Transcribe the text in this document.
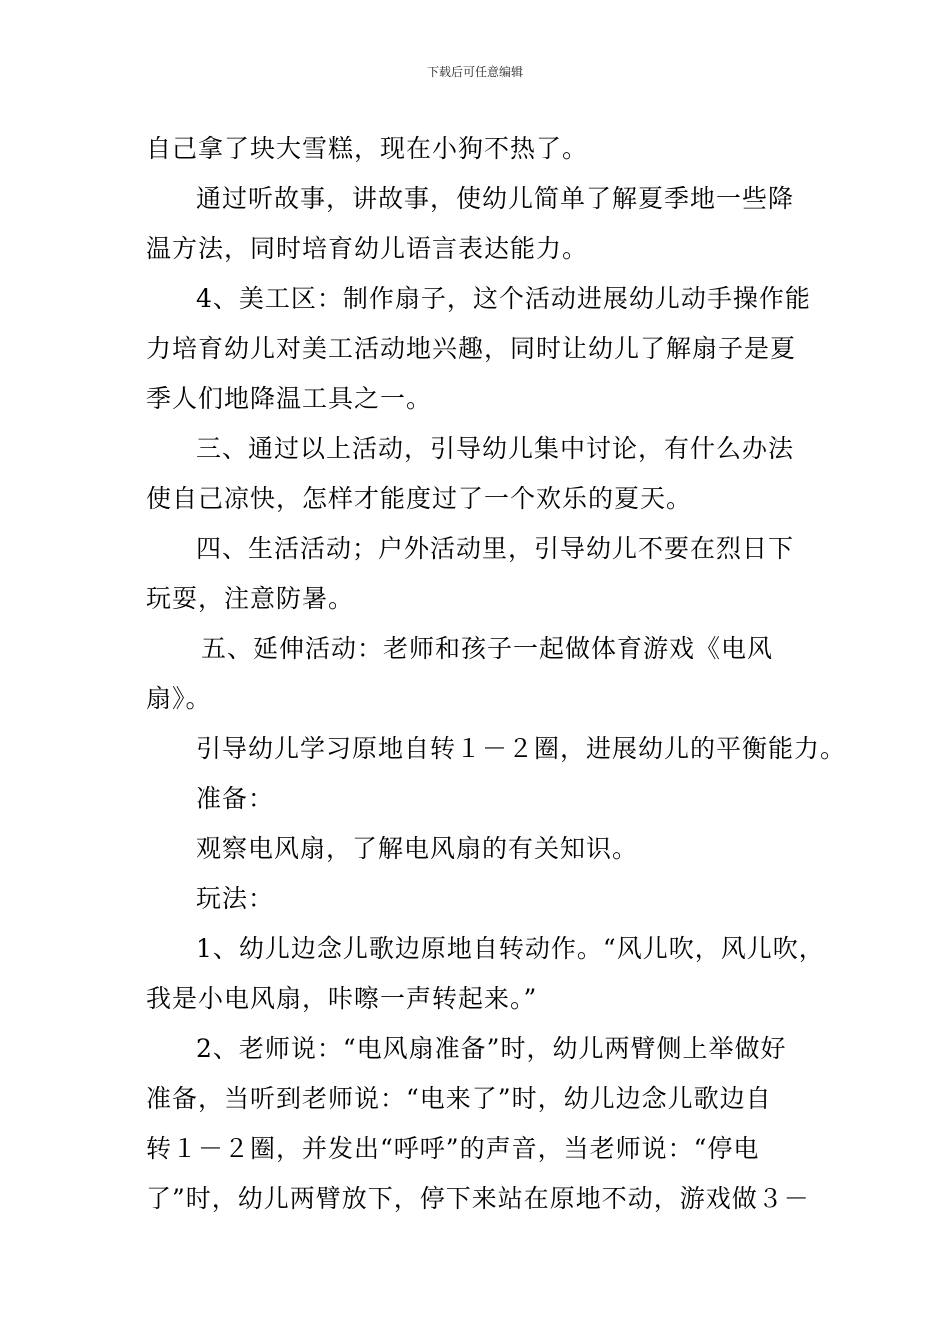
下载后可任意编辑
自己拿了块大雪糕，现在小狗不热了。
通过听故事，讲故事，使幼儿简单了解夏季地一些降
温方法，同时培育幼儿语言表达能力。
4、美工区：制作扇子，这个活动进展幼儿动手操作能
力培育幼儿对美工活动地兴趣，同时让幼儿了解扇子是夏
季人们地降温工具之一。
三、通过以上活动，引导幼儿集中讨论，有什么办法
使自己凉快，怎样才能度过了一个欢乐的夏天。
四、生活活动；户外活动里，引导幼儿不要在烈日下
玩耍，注意防暑。
五、延伸活动：老师和孩子一起做体育游戏《电风
扇》。
引导幼儿学习原地自转１－２圈，进展幼儿的平衡能力。
准备：
观察电风扇，了解电风扇的有关知识。
玩法：
1、幼儿边念儿歌边原地自转动作。“风儿吹，风儿吹，
我是小电风扇，咔嚓一声转起来。”
2、老师说：“电风扇准备”时，幼儿两臂侧上举做好
准备，当听到老师说：“电来了”时，幼儿边念儿歌边自
转１－２圈，并发出“呼呼”的声音，当老师说：“停电
了”时，幼儿两臂放下，停下来站在原地不动，游戏做３－
